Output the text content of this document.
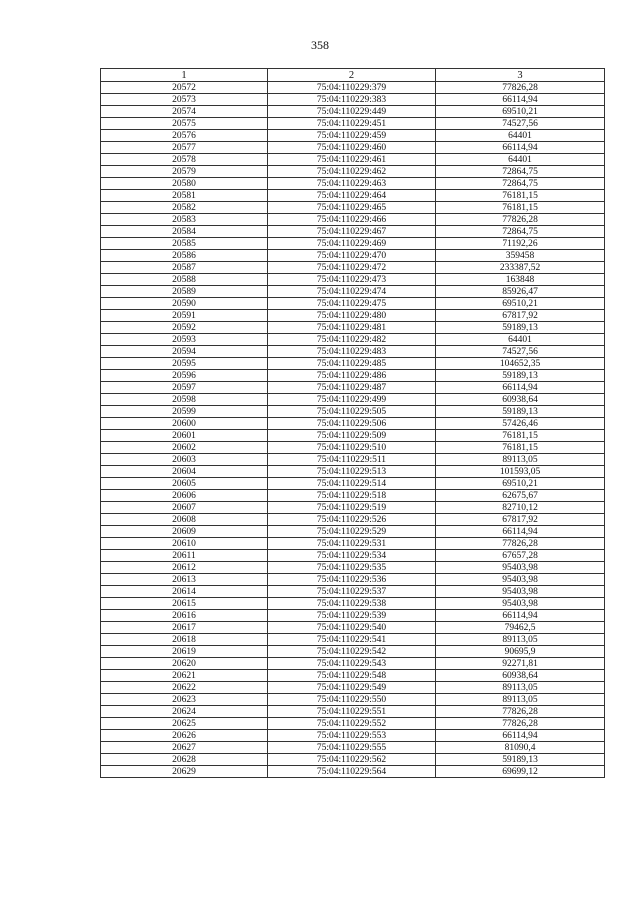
358
1	2	3
20572	75:04:110229:379	77826,28
20573	75:04:110229:383	66114,94
20574	75:04:110229:449	69510,21
20575	75:04:110229:451	74527,56
20576	75:04:110229:459	64401
20577	75:04:110229:460	66114,94
20578	75:04:110229:461	64401
20579	75:04:110229:462	72864,75
20580	75:04:110229:463	72864,75
20581	75:04:110229:464	76181,15
20582	75:04:110229:465	76181,15
20583	75:04:110229:466	77826,28
20584	75:04:110229:467	72864,75
20585	75:04:110229:469	71192,26
20586	75:04:110229:470	359458
20587	75:04:110229:472	233387,52
20588	75:04:110229:473	163848
20589	75:04:110229:474	85926,47
20590	75:04:110229:475	69510,21
20591	75:04:110229:480	67817,92
20592	75:04:110229:481	59189,13
20593	75:04:110229:482	64401
20594	75:04:110229:483	74527,56
20595	75:04:110229:485	104652,35
20596	75:04:110229:486	59189,13
20597	75:04:110229:487	66114,94
20598	75:04:110229:499	60938,64
20599	75:04:110229:505	59189,13
20600	75:04:110229:506	57426,46
20601	75:04:110229:509	76181,15
20602	75:04:110229:510	76181,15
20603	75:04:110229:511	89113,05
20604	75:04:110229:513	101593,05
20605	75:04:110229:514	69510,21
20606	75:04:110229:518	62675,67
20607	75:04:110229:519	82710,12
20608	75:04:110229:526	67817,92
20609	75:04:110229:529	66114,94
20610	75:04:110229:531	77826,28
20611	75:04:110229:534	67657,28
20612	75:04:110229:535	95403,98
20613	75:04:110229:536	95403,98
20614	75:04:110229:537	95403,98
20615	75:04:110229:538	95403,98
20616	75:04:110229:539	66114,94
20617	75:04:110229:540	79462,5
20618	75:04:110229:541	89113,05
20619	75:04:110229:542	90695,9
20620	75:04:110229:543	92271,81
20621	75:04:110229:548	60938,64
20622	75:04:110229:549	89113,05
20623	75:04:110229:550	89113,05
20624	75:04:110229:551	77826,28
20625	75:04:110229:552	77826,28
20626	75:04:110229:553	66114,94
20627	75:04:110229:555	81090,4
20628	75:04:110229:562	59189,13
20629	75:04:110229:564	69699,12
